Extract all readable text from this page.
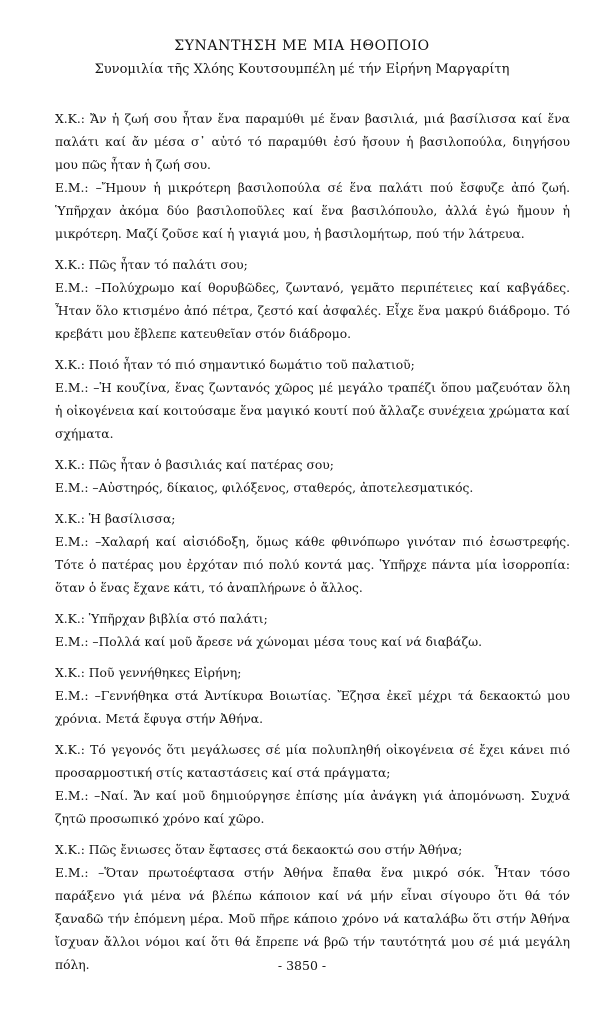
ΣΥΝΑΝΤΗΣΗ ΜΕ ΜΙΑ ΗΘΟΠΟΙΟ
Συνομιλία τῆς Χλόης Κουτσουμπέλη μέ τήν Εἰρήνη Μαργαρίτη

Χ.Κ.: Ἄν ἡ ζωή σου ἦταν ἕνα παραμύθι μέ ἕναν βασιλιά, μιά βασίλισσα καί ἕνα παλάτι καί ἄν μέσα σ᾿ αὐτό τό παραμύθι ἐσύ ἤσουν ἡ βασιλοπούλα, διηγήσου μου πῶς ἦταν ἡ ζωή σου.

Ε.Μ.: –Ἤμουν ἡ μικρότερη βασιλοπούλα σέ ἕνα παλάτι πού ἔσφυζε ἀπό ζωή. Ὑπῆρχαν ἀκόμα δύο βασιλοποῦλες καί ἕνα βασιλόπουλο, ἀλλά ἐγώ ἤμουν ἡ μικρότερη. Μαζί ζοῦσε καί ἡ γιαγιά μου, ἡ βασιλομήτωρ, πού τήν λάτρευα.

Χ.Κ.: Πῶς ἦταν τό παλάτι σου;

Ε.Μ.: –Πολύχρωμο καί θορυβῶδες, ζωντανό, γεμᾶτο περιπέτειες καί καβγάδες. Ἦταν ὅλο κτισμένο ἀπό πέτρα, ζεστό καί ἀσφαλές. Εἶχε ἕνα μακρύ διάδρομο. Τό κρεβάτι μου ἔβλεπε κατευθεῖαν στόν διάδρομο.

Χ.Κ.: Ποιό ἦταν τό πιό σημαντικό δωμάτιο τοῦ παλατιοῦ;

Ε.Μ.: –Ἡ κουζίνα, ἕνας ζωντανός χῶρος μέ μεγάλο τραπέζι ὅπου μαζευόταν ὅλη ἡ οἰκογένεια καί κοιτούσαμε ἕνα μαγικό κουτί πού ἄλλαζε συνέχεια χρώματα καί σχήματα.

Χ.Κ.: Πῶς ἦταν ὁ βασιλιάς καί πατέρας σου;

Ε.Μ.: –Αὐστηρός, δίκαιος, φιλόξενος, σταθερός, ἀποτελεσματικός.

Χ.Κ.: Ἡ βασίλισσα;

Ε.Μ.: –Χαλαρή καί αἰσιόδοξη, ὅμως κάθε φθινόπωρο γινόταν πιό ἐσωστρεφής. Τότε ὁ πατέρας μου ἐρχόταν πιό πολύ κοντά μας. Ὑπῆρχε πάντα μία ἰσορροπία: ὅταν ὁ ἕνας ἔχανε κάτι, τό ἀναπλήρωνε ὁ ἄλλος.

Χ.Κ.: Ὑπῆρχαν βιβλία στό παλάτι;

Ε.Μ.: –Πολλά καί μοῦ ἄρεσε νά χώνομαι μέσα τους καί νά διαβάζω.

Χ.Κ.: Ποῦ γεννήθηκες Εἰρήνη;

Ε.Μ.: –Γεννήθηκα στά Ἀντίκυρα Βοιωτίας. Ἔζησα ἐκεῖ μέχρι τά δεκαοκτώ μου χρόνια. Μετά ἔφυγα στήν Ἀθήνα.

Χ.Κ.: Τό γεγονός ὅτι μεγάλωσες σέ μία πολυπληθή οἰκογένεια σέ ἔχει κάνει πιό προσαρμοστική στίς καταστάσεις καί στά πράγματα;

Ε.Μ.: –Ναί. Ἄν καί μοῦ δημιούργησε ἐπίσης μία ἀνάγκη γιά ἀπομόνωση. Συχνά ζητῶ προσωπικό χρόνο καί χῶρο.

Χ.Κ.: Πῶς ἔνιωσες ὅταν ἔφτασες στά δεκαοκτώ σου στήν Ἀθήνα;

Ε.Μ.: –Ὅταν πρωτοέφτασα στήν Ἀθήνα ἔπαθα ἕνα μικρό σόκ. Ἦταν τόσο παράξενο γιά μένα νά βλέπω κάποιον καί νά μήν εἶναι σίγουρο ὅτι θά τόν ξαναδῶ τήν ἑπόμενη μέρα. Μοῦ πῆρε κάποιο χρόνο νά καταλάβω ὅτι στήν Ἀθήνα ἴσχυαν ἄλλοι νόμοι καί ὅτι θά ἔπρεπε νά βρῶ τήν ταυτότητά μου σέ μιά μεγάλη πόλη.	- 3850 -
